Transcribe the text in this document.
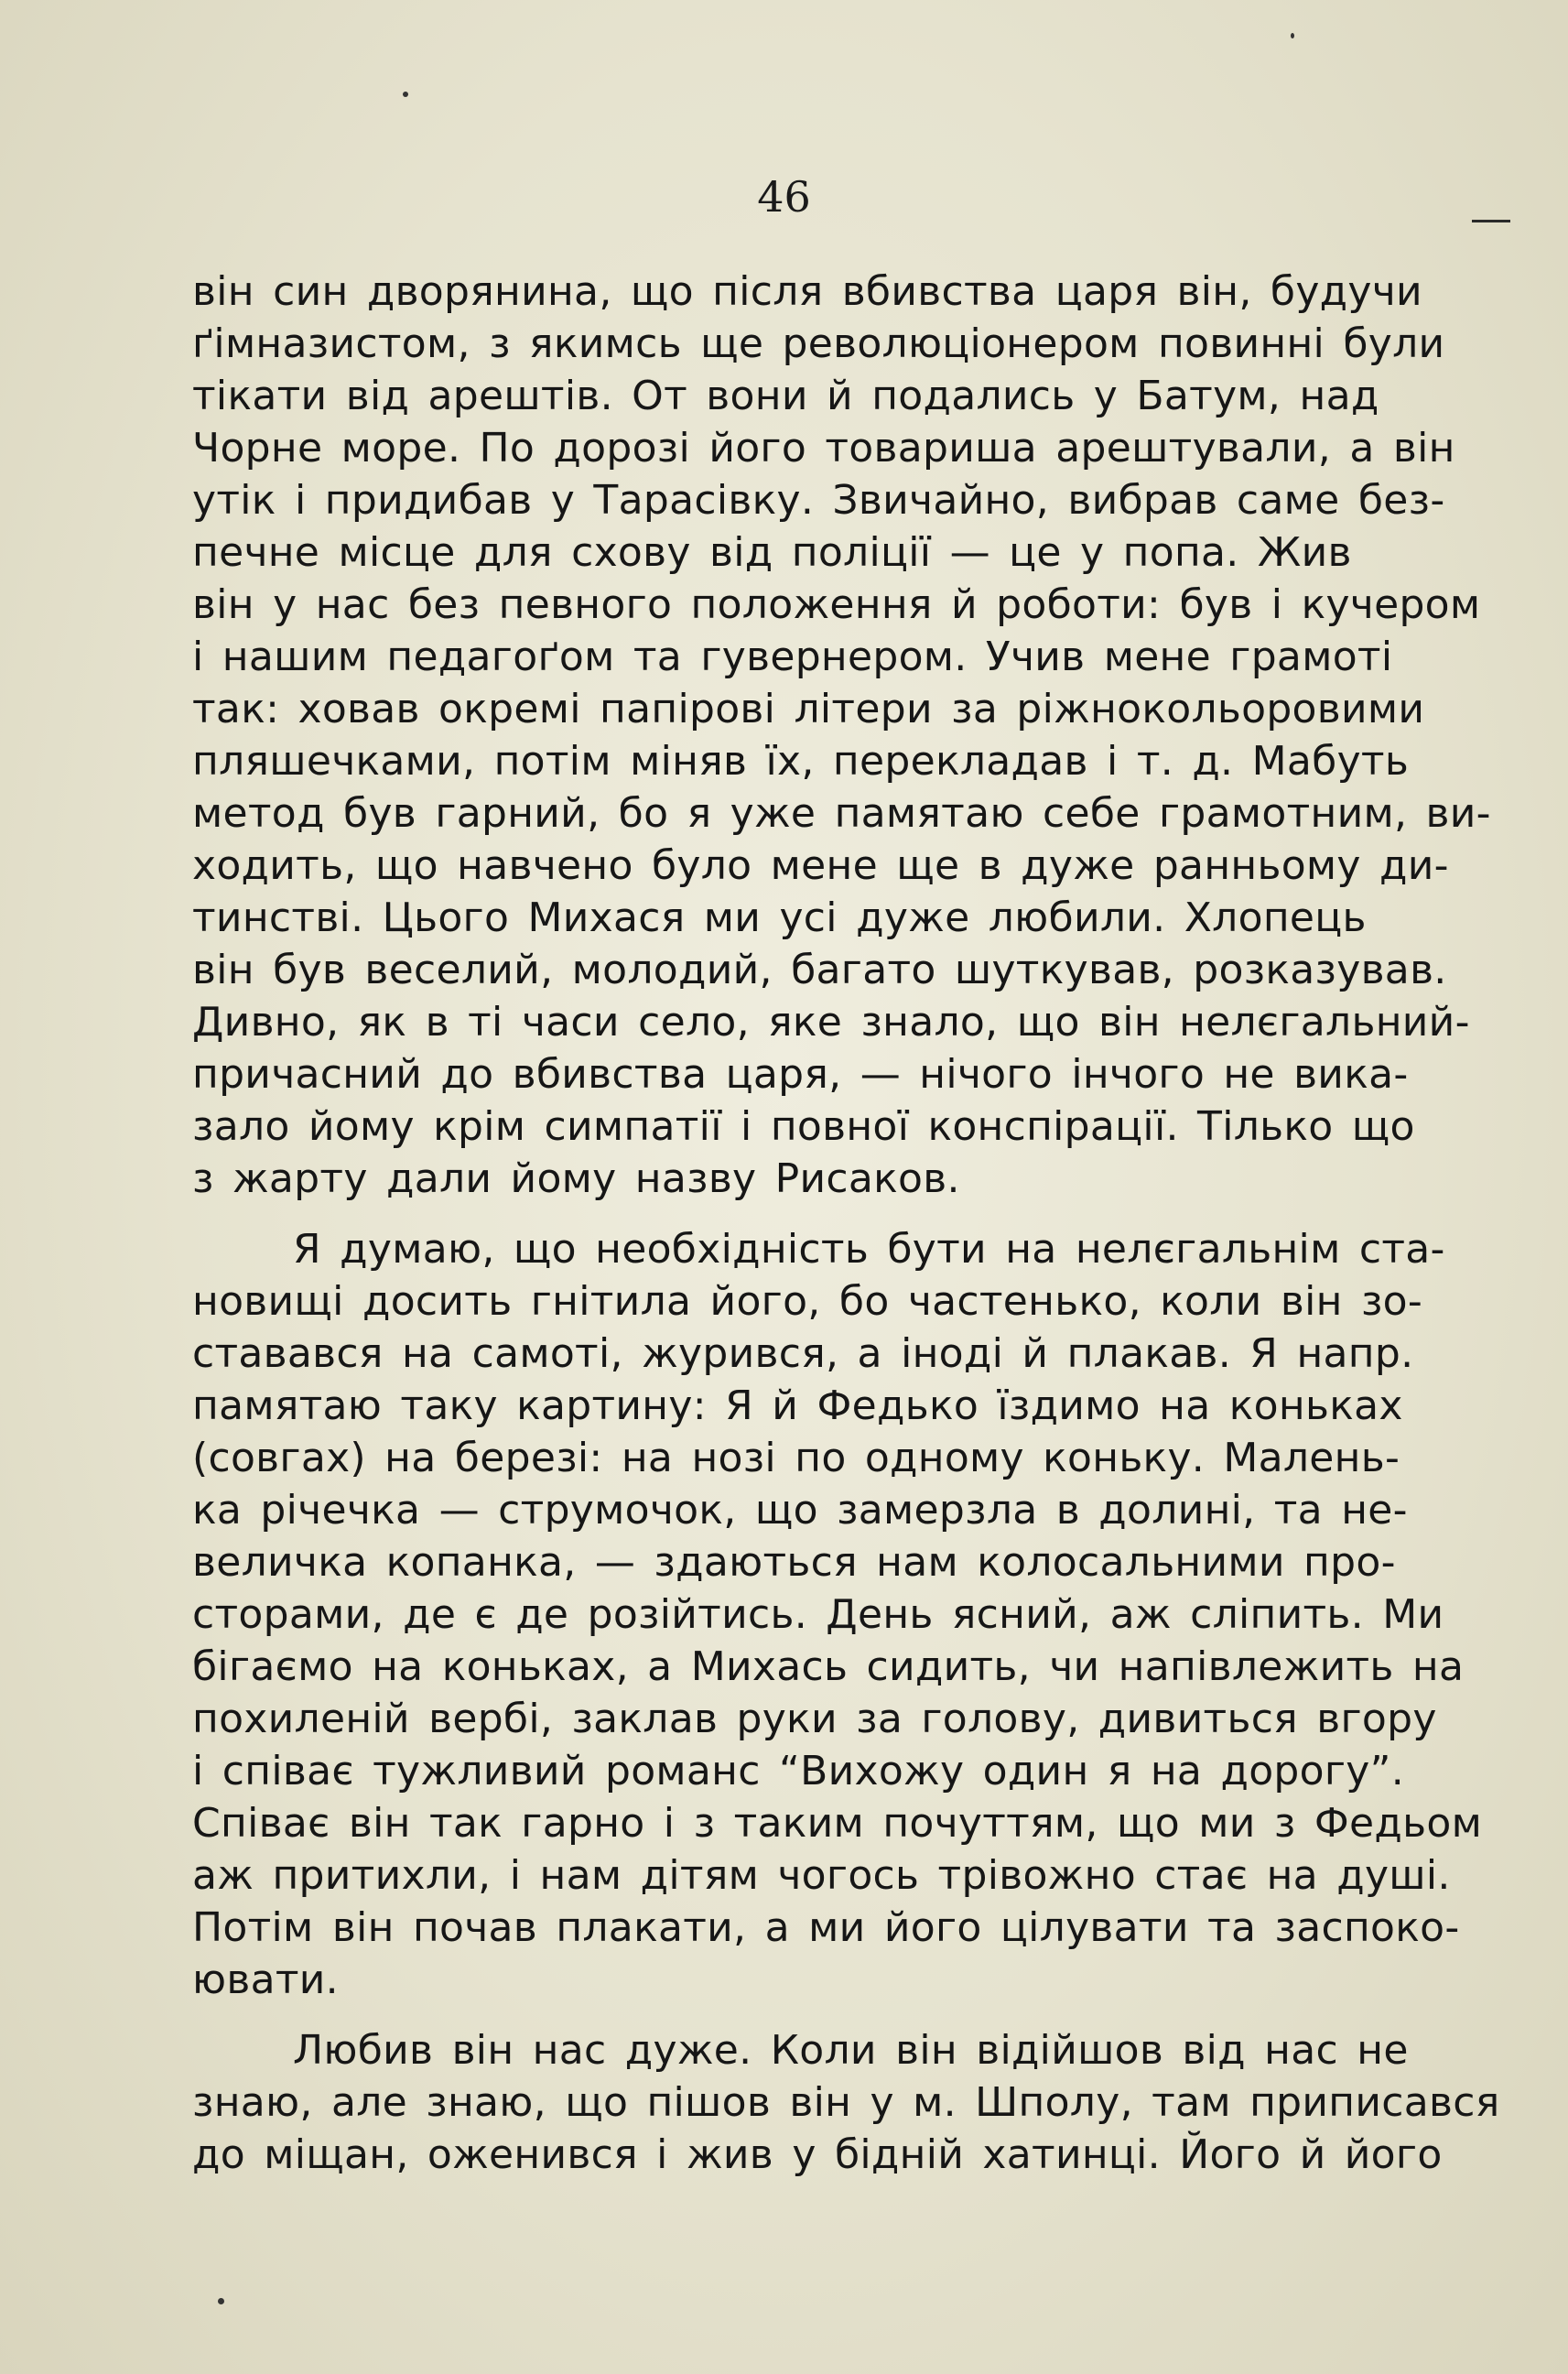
46
він син дворянина, що після вбивства царя він, будучи
ґімназистом, з якимсь ще революціонером повинні були
тікати від арештів. От вони й подались у Батум, над
Чорне море. По дорозі його товариша арештували, а він
утік і придибав у Тарасівку. Звичайно, вибрав саме без-
печне місце для схову від поліції — це у попа. Жив
він у нас без певного положення й роботи: був і кучером
і нашим педагоґом та гувернером. Учив мене грамоті
так: ховав окремі папірові літери за ріжнокольоровими
пляшечками, потім міняв їх, перекладав і т. д. Мабуть
метод був гарний, бо я уже памятаю себе грамотним, ви-
ходить, що навчено було мене ще в дуже ранньому ди-
тинстві. Цього Михася ми усі дуже любили. Хлопець
він був веселий, молодий, багато шуткував, розказував.
Дивно, як в ті часи село, яке знало, що він нелєгальний-
причасний до вбивства царя, — нічого інчого не вика-
зало йому крім симпатії і повної конспірації. Тілько що
з жарту дали йому назву Рисаков.
Я думаю, що необхідність бути на нелєгальнім ста-
новищі досить гнітила його, бо частенько, коли він зо-
ставався на самоті, журився, а іноді й плакав. Я напр.
памятаю таку картину: Я й Федько їздимо на коньках
(совгах) на березі: на нозі по одному коньку. Малень-
ка річечка — струмочок, що замерзла в долині, та не-
величка копанка, — здаються нам колосальними про-
сторами, де є де розійтись. День ясний, аж сліпить. Ми
бігаємо на коньках, а Михась сидить, чи напівлежить на
похиленій вербі, заклав руки за голову, дивиться вгору
і співає тужливий романс “Вихожу один я на дорогу”.
Співає він так гарно і з таким почуттям, що ми з Федьом
аж притихли, і нам дітям чогось трівожно стає на душі.
Потім він почав плакати, а ми його цілувати та заспоко-
ювати.
Любив він нас дуже. Коли він відійшов від нас не
знаю, але знаю, що пішов він у м. Шполу, там приписався
до міщан, оженився і жив у бідній хатинці. Його й його
